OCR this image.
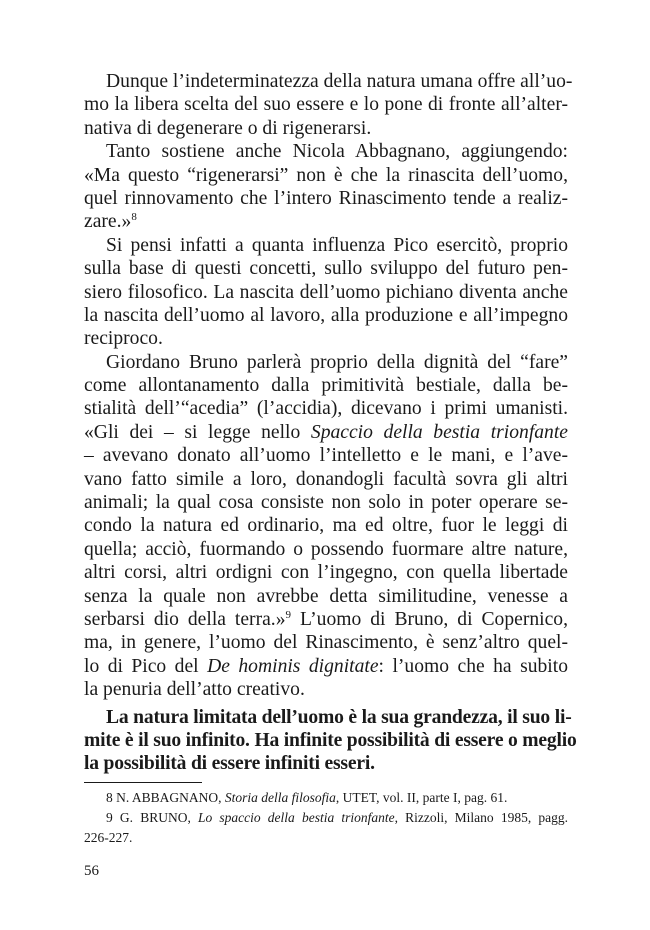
Dunque l’indeterminatezza della natura umana offre all’uo-
mo la libera scelta del suo essere e lo pone di fronte all’alter-
nativa di degenerare o di rigenerarsi.
Tanto sostiene anche Nicola Abbagnano, aggiungendo:
«Ma questo “rigenerarsi” non è che la rinascita dell’uomo,
quel rinnovamento che l’intero Rinascimento tende a realiz-
zare.»$^8$
Si pensi infatti a quanta influenza Pico esercitò, proprio
sulla base di questi concetti, sullo sviluppo del futuro pen-
siero filosofico. La nascita dell’uomo pichiano diventa anche
la nascita dell’uomo al lavoro, alla produzione e all’impegno
reciproco.
Giordano Bruno parlerà proprio della dignità del “fare”
come allontanamento dalla primitività bestiale, dalla be-
stialità dell’“acedia” (l’accidia), dicevano i primi umanisti.
«Gli dei – si legge nello Spaccio della bestia trionfante
– avevano donato all’uomo l’intelletto e le mani, e l’ave-
vano fatto simile a loro, donandogli facultà sovra gli altri
animali; la qual cosa consiste non solo in poter operare se-
condo la natura ed ordinario, ma ed oltre, fuor le leggi di
quella; acciò, fuormando o possendo fuormare altre nature,
altri corsi, altri ordigni con l’ingegno, con quella libertade
senza la quale non avrebbe detta similitudine, venesse a
serbarsi dio della terra.»$^9$ L’uomo di Bruno, di Copernico,
ma, in genere, l’uomo del Rinascimento, è senz’altro quel-
lo di Pico del De hominis dignitate: l’uomo che ha subito
la penuria dell’atto creativo.
La natura limitata dell’uomo è la sua grandezza, il suo li-
mite è il suo infinito. Ha infinite possibilità di essere o meglio
la possibilità di essere infiniti esseri.
8 N. ABBAGNANO, Storia della filosofia, UTET, vol. II, parte I, pag. 61.
9 G. BRUNO, Lo spaccio della bestia trionfante, Rizzoli, Milano 1985, pagg.
226-227.
56
